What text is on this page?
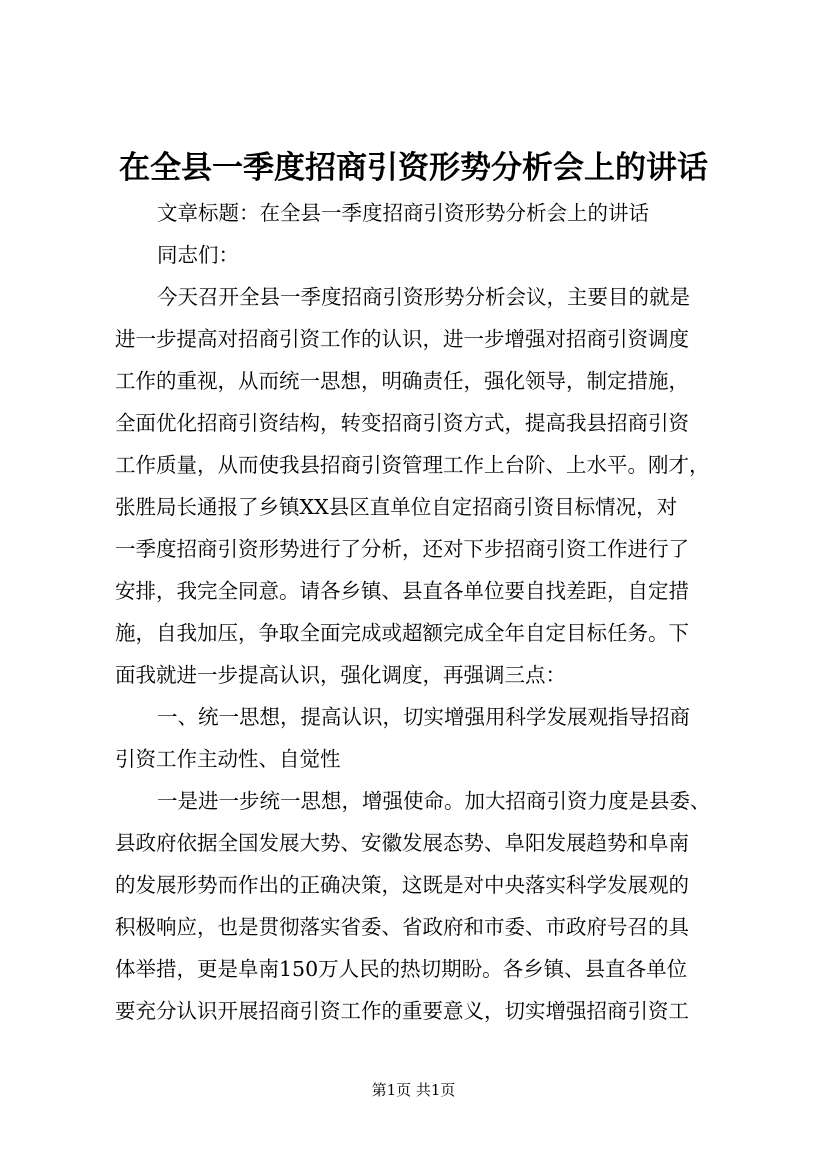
在全县一季度招商引资形势分析会上的讲话
文章标题：在全县一季度招商引资形势分析会上的讲话
同志们：
今天召开全县一季度招商引资形势分析会议，主要目的就是
进一步提高对招商引资工作的认识，进一步增强对招商引资调度
工作的重视，从而统一思想，明确责任，强化领导，制定措施，
全面优化招商引资结构，转变招商引资方式，提高我县招商引资
工作质量，从而使我县招商引资管理工作上台阶、上水平。刚才，
张胜局长通报了乡镇XX县区直单位自定招商引资目标情况，对
一季度招商引资形势进行了分析，还对下步招商引资工作进行了
安排，我完全同意。请各乡镇、县直各单位要自找差距，自定措
施，自我加压，争取全面完成或超额完成全年自定目标任务。下
面我就进一步提高认识，强化调度，再强调三点：
一、统一思想，提高认识，切实增强用科学发展观指导招商
引资工作主动性、自觉性
一是进一步统一思想，增强使命。加大招商引资力度是县委、
县政府依据全国发展大势、安徽发展态势、阜阳发展趋势和阜南
的发展形势而作出的正确决策，这既是对中央落实科学发展观的
积极响应，也是贯彻落实省委、省政府和市委、市政府号召的具
体举措，更是阜南150万人民的热切期盼。各乡镇、县直各单位
要充分认识开展招商引资工作的重要意义，切实增强招商引资工
第1页 共1页
